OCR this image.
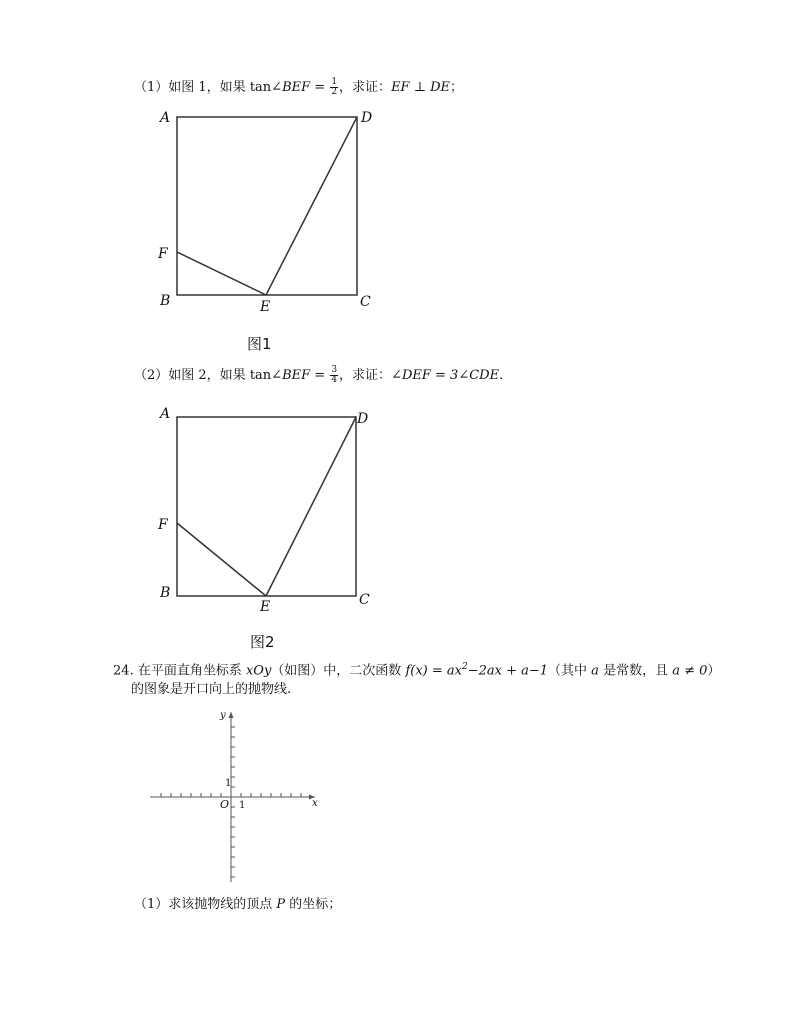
（1）如图 1，如果 tan∠BEF = $\frac{1}{2}$ ，求证：EF ⊥ DE；
A	D
F
B	E	C
A	D
F
B
E	C
y
x
O 1
1
图1
（2）如图 2，如果 tan∠BEF = $\frac{3}{4}$ ，求证：∠DEF = 3∠CDE.
图2
24. 在平面直角坐标系 xOy（如图）中，二次函数 $f(x) = ax^2-2ax + a-1$（其中 a 是常数，且 a ≠ 0）
的图象是开口向上的抛物线.
（1）求该抛物线的顶点 P 的坐标；
